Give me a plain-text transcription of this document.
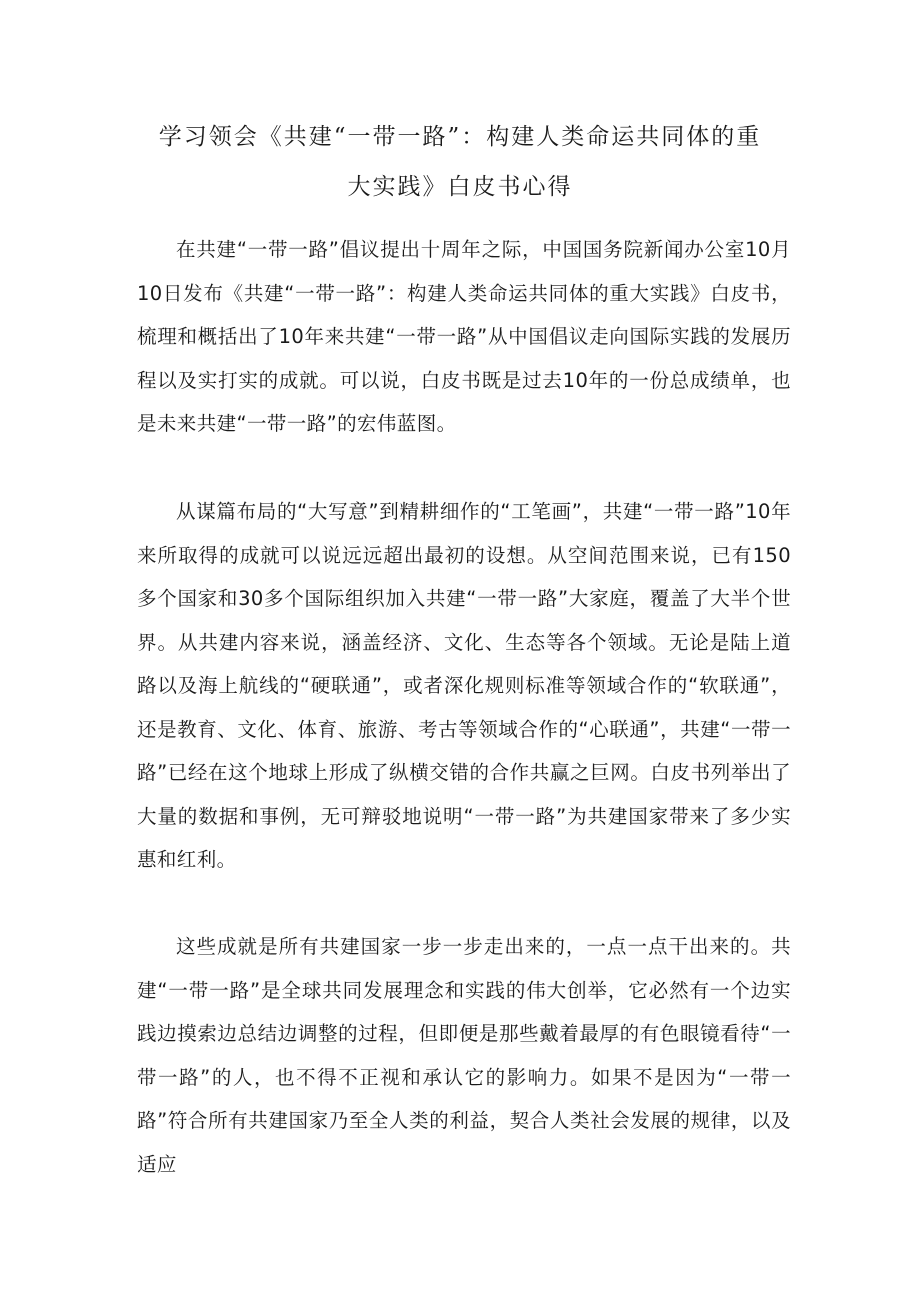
学习领会《共建“一带一路”：构建人类命运共同体的重
大实践》白皮书心得

在共建“一带一路”倡议提出十周年之际，中国国务院新闻办公室10月10日发布《共建“一带一路”：构建人类命运共同体的重大实践》白皮书，梳理和概括出了10年来共建“一带一路”从中国倡议走向国际实践的发展历程以及实打实的成就。可以说，白皮书既是过去10年的一份总成绩单，也是未来共建“一带一路”的宏伟蓝图。

从谋篇布局的“大写意”到精耕细作的“工笔画”，共建“一带一路”10年来所取得的成就可以说远远超出最初的设想。从空间范围来说，已有150多个国家和30多个国际组织加入共建“一带一路”大家庭，覆盖了大半个世界。从共建内容来说，涵盖经济、文化、生态等各个领域。无论是陆上道路以及海上航线的“硬联通”，或者深化规则标准等领域合作的“软联通”，还是教育、文化、体育、旅游、考古等领域合作的“心联通”，共建“一带一路”已经在这个地球上形成了纵横交错的合作共赢之巨网。白皮书列举出了大量的数据和事例，无可辩驳地说明“一带一路”为共建国家带来了多少实惠和红利。

这些成就是所有共建国家一步一步走出来的，一点一点干出来的。共建“一带一路”是全球共同发展理念和实践的伟大创举，它必然有一个边实践边摸索边总结边调整的过程，但即便是那些戴着最厚的有色眼镜看待“一带一路”的人，也不得不正视和承认它的影响力。如果不是因为“一带一路”符合所有共建国家乃至全人类的利益，契合人类社会发展的规律，以及适应
